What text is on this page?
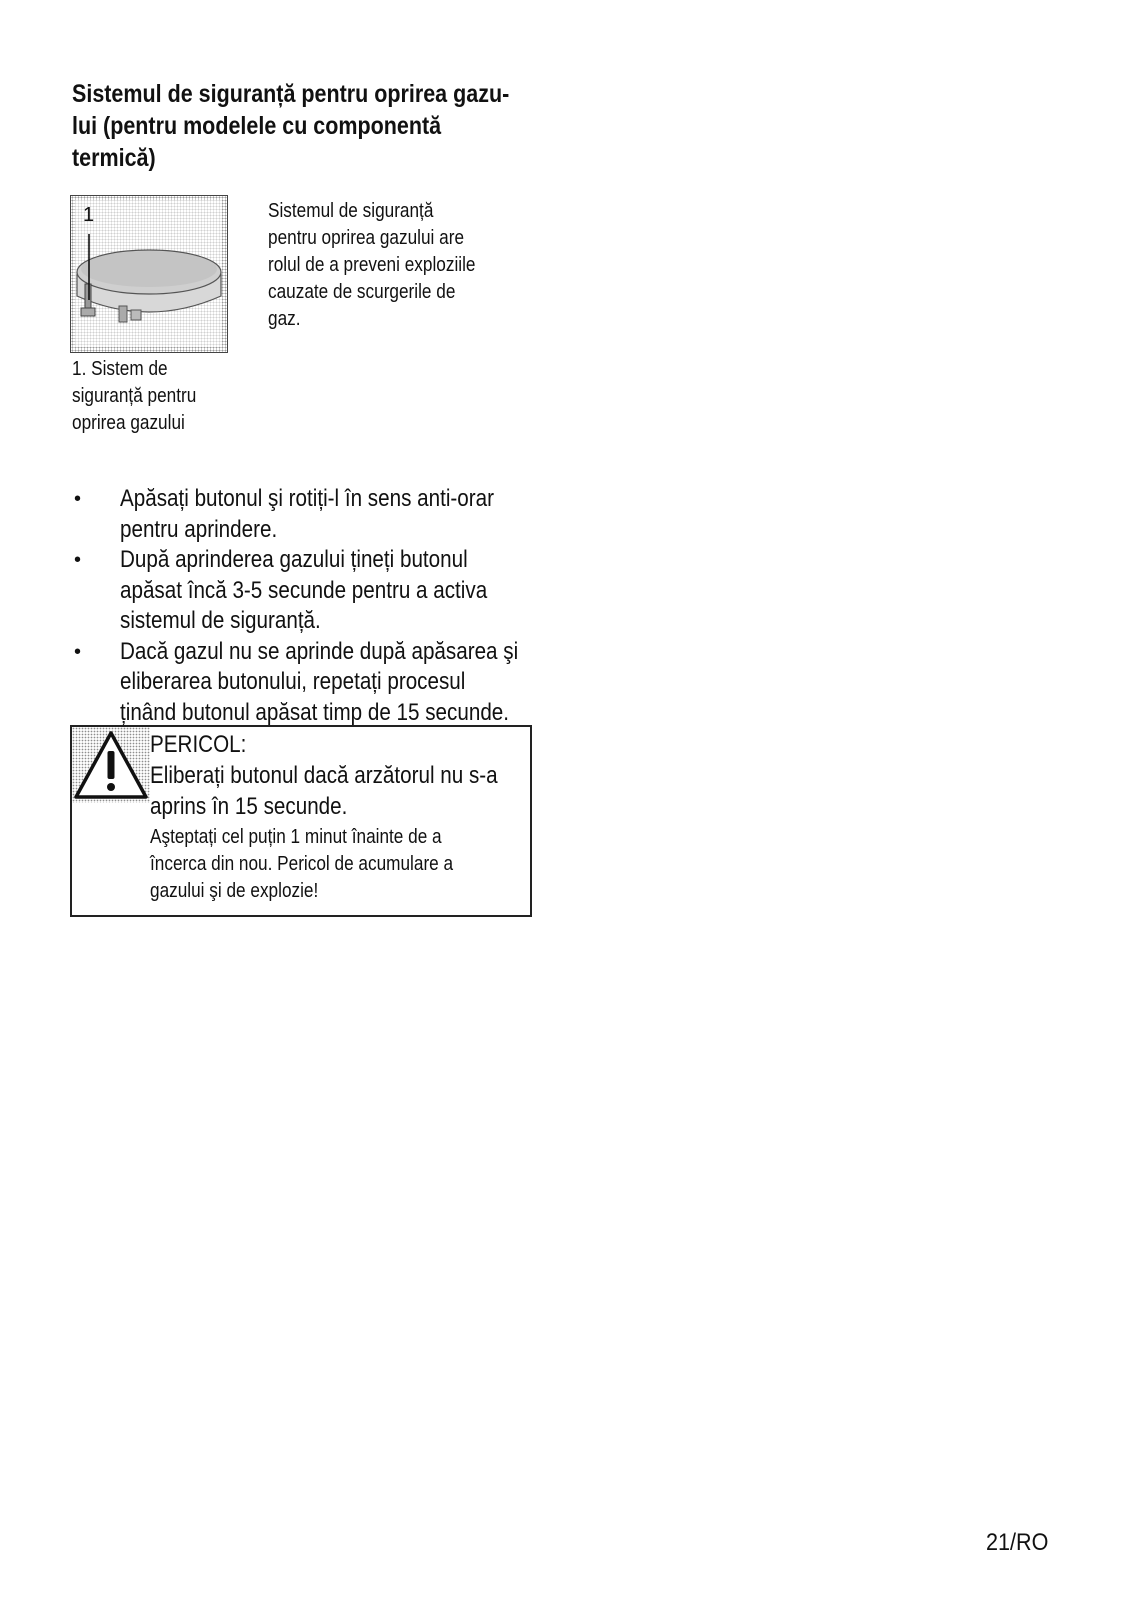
Sistemul de siguranță pentru oprirea gazu-
lui (pentru modelele cu componentă
termică)
1
1. Sistem de
siguranță pentru
oprirea gazului
Sistemul de siguranță
pentru oprirea gazului are
rolul de a preveni exploziile
cauzate de scurgerile de
gaz.
• Apăsați butonul şi rotiți-l în sens anti-orar
pentru aprindere.
• După aprinderea gazului țineți butonul
apăsat încă 3-5 secunde pentru a activa
sistemul de siguranță.
• Dacă gazul nu se aprinde după apăsarea şi
eliberarea butonului, repetați procesul
ținând butonul apăsat timp de 15 secunde.
PERICOL:
Eliberați butonul dacă arzătorul nu s-a
aprins în 15 secunde.
Aşteptați cel puțin 1 minut înainte de a
încerca din nou. Pericol de acumulare a
gazului şi de explozie!
21/RO
